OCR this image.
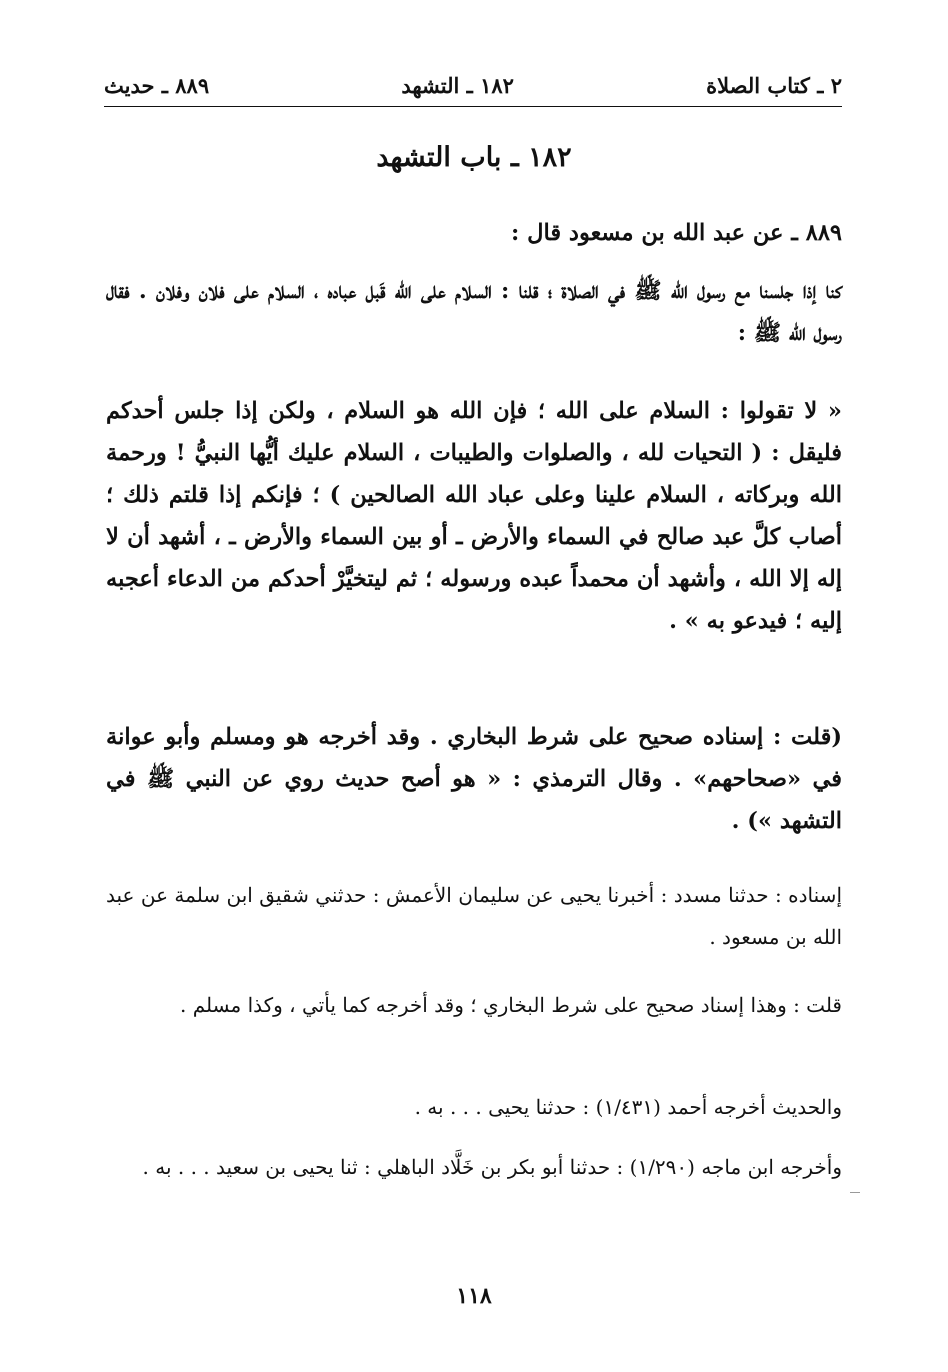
٢ ـ كتاب الصلاة
١٨٢ ـ التشهد
٨٨٩ ـ حديث
١٨٢ ـ باب التشهد

٨٨٩ ـ عن عبد الله بن مسعود قال :

كنا إذا جلسنا مع رسول الله ﷺ في الصلاة ؛ قلنا : السلام على الله قَبل عباده ، السلام على فلان وفلان . فقال رسول الله ﷺ :

« لا تقولوا : السلام على الله ؛ فإن الله هو السلام ، ولكن إذا جلس أحدكم فليقل : ( التحيات لله ، والصلوات والطيبات ، السلام عليك أيُّها النبيُّ ! ورحمة الله وبركاته ، السلام علينا وعلى عباد الله الصالحين ) ؛ فإنكم إذا قلتم ذلك ؛ أصاب كلَّ عبد صالح في السماء والأرض ـ أو بين السماء والأرض ـ ، أشهد أن لا إله إلا الله ، وأشهد أن محمداً عبده ورسوله ؛ ثم ليتخيَّرْ أحدكم من الدعاء أعجبه إليه ؛ فيدعو به » .

(قلت : إسناده صحيح على شرط البخاري . وقد أخرجه هو ومسلم وأبو عوانة في «صحاحهم» . وقال الترمذي : « هو أصح حديث روي عن النبي ﷺ في التشهد ») .

إسناده : حدثنا مسدد : أخبرنا يحيى عن سليمان الأعمش : حدثني شقيق ابن سلمة عن عبد الله بن مسعود .

قلت : وهذا إسناد صحيح على شرط البخاري ؛ وقد أخرجه كما يأتي ، وكذا مسلم .

والحديث أخرجه أحمد (١/٤٣١) : حدثنا يحيى . . . به .

وأخرجه ابن ماجه (١/٢٩٠) : حدثنا أبو بكر بن خَلَّاد الباهلي : ثنا يحيى بن سعيد . . . به .

١١٨
